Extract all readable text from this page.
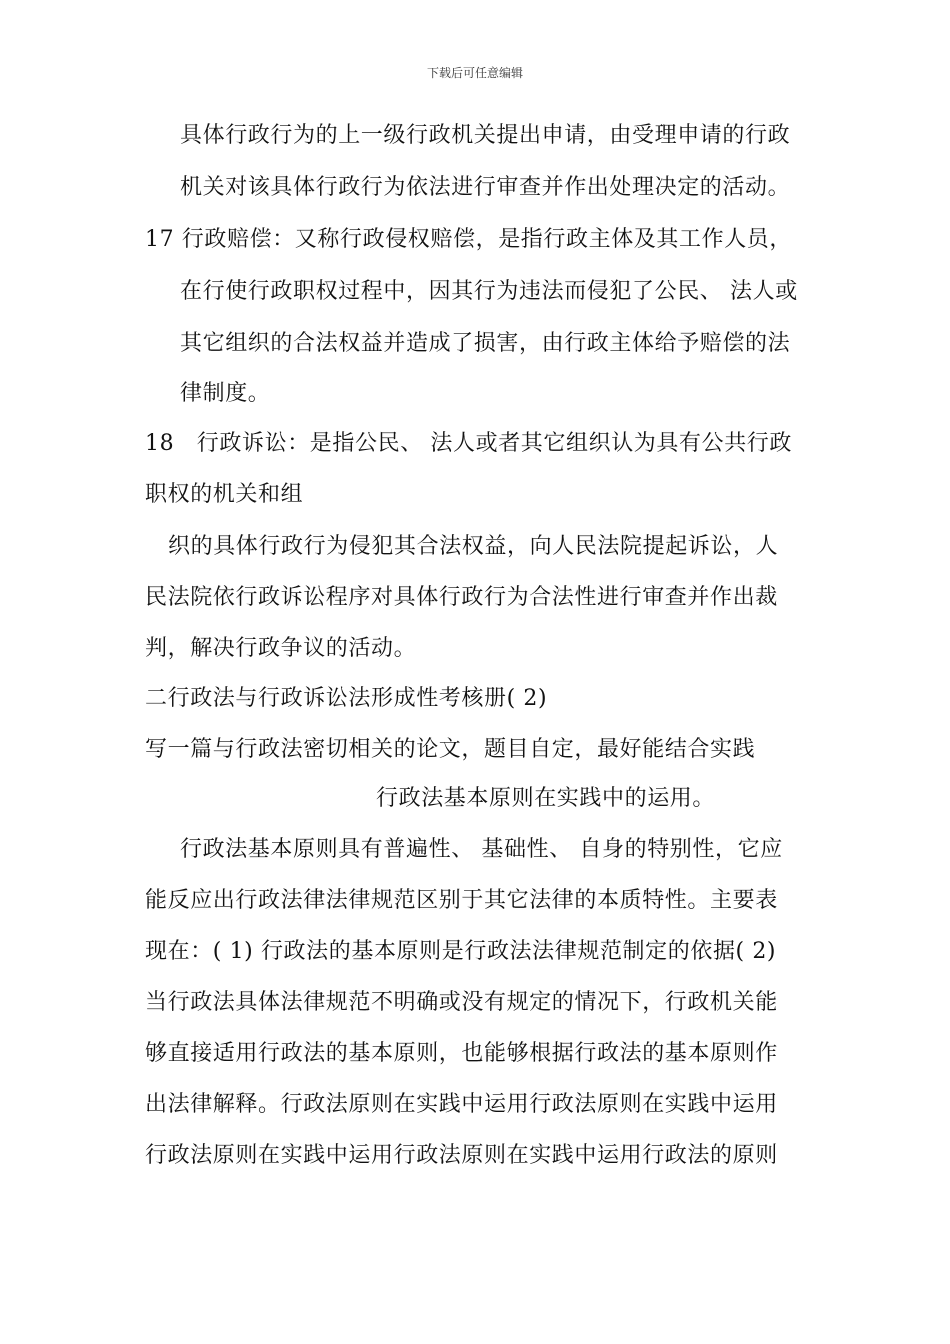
下载后可任意编辑
具体行政行为的上一级行政机关提出申请，由受理申请的行政
机关对该具体行政行为依法进行审查并作出处理决定的活动。
17 行政赔偿：又称行政侵权赔偿，是指行政主体及其工作人员，
在行使行政职权过程中，因其行为违法而侵犯了公民、 法人或
其它组织的合法权益并造成了损害，由行政主体给予赔偿的法
律制度。
18　行政诉讼：是指公民、 法人或者其它组织认为具有公共行政
职权的机关和组
织的具体行政行为侵犯其合法权益，向人民法院提起诉讼，人
民法院依行政诉讼程序对具体行政行为合法性进行审查并作出裁
判，解决行政争议的活动。
二行政法与行政诉讼法形成性考核册( 2)
写一篇与行政法密切相关的论文，题目自定，最好能结合实践
行政法基本原则在实践中的运用。
行政法基本原则具有普遍性、 基础性、 自身的特别性，它应
能反应出行政法律法律规范区别于其它法律的本质特性。主要表
现在：( 1) 行政法的基本原则是行政法法律规范制定的依据( 2)
当行政法具体法律规范不明确或没有规定的情况下，行政机关能
够直接适用行政法的基本原则，也能够根据行政法的基本原则作
出法律解释。行政法原则在实践中运用行政法原则在实践中运用
行政法原则在实践中运用行政法原则在实践中运用行政法的原则
